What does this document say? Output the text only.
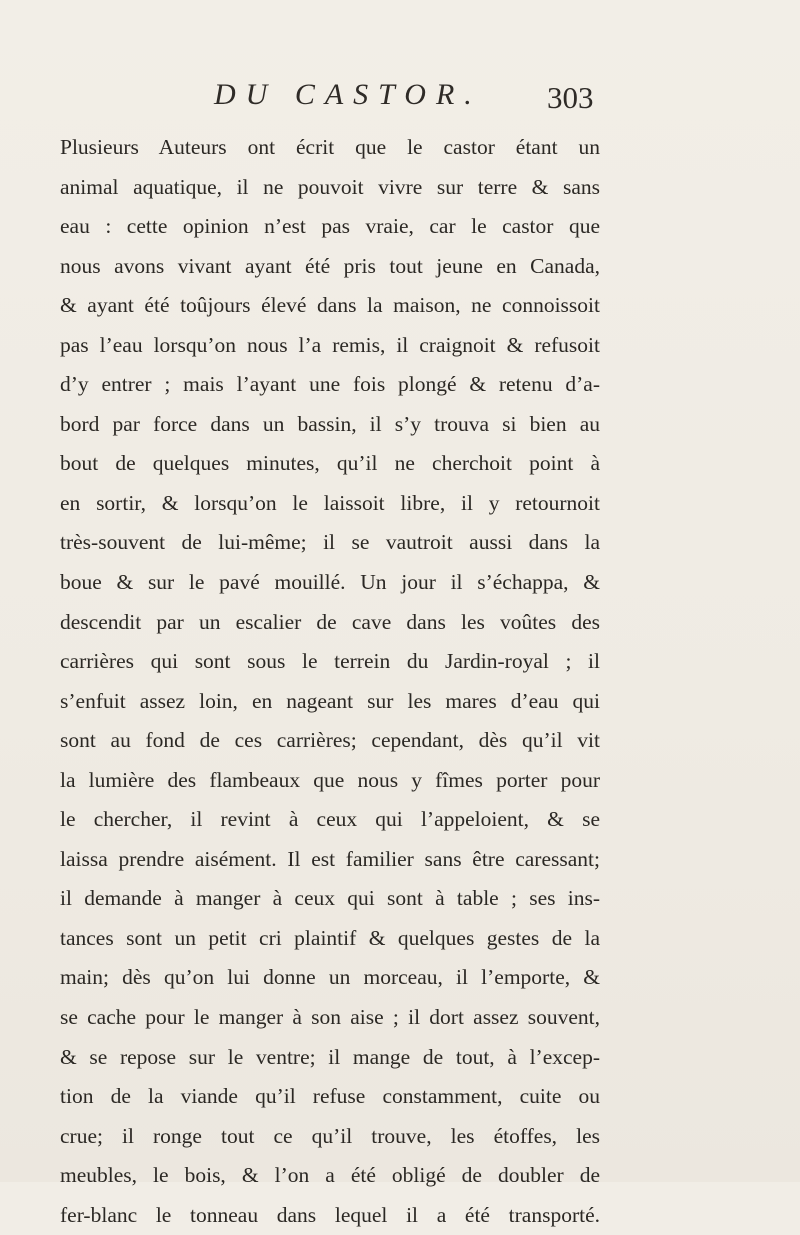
DU CASTOR. 303
Plusieurs Auteurs ont écrit que le castor étant un
animal aquatique, il ne pouvoit vivre sur terre & sans
eau : cette opinion n’est pas vraie, car le castor que
nous avons vivant ayant été pris tout jeune en Canada,
& ayant été toûjours élevé dans la maison, ne connoissoit
pas l’eau lorsqu’on nous l’a remis, il craignoit & refusoit
d’y entrer ; mais l’ayant une fois plongé & retenu d’a-
bord par force dans un bassin, il s’y trouva si bien au
bout de quelques minutes, qu’il ne cherchoit point à
en sortir, & lorsqu’on le laissoit libre, il y retournoit
très-souvent de lui-même; il se vautroit aussi dans la
boue & sur le pavé mouillé. Un jour il s’échappa, &
descendit par un escalier de cave dans les voûtes des
carrières qui sont sous le terrein du Jardin-royal ; il
s’enfuit assez loin, en nageant sur les mares d’eau qui
sont au fond de ces carrières; cependant, dès qu’il vit
la lumière des flambeaux que nous y fîmes porter pour
le chercher, il revint à ceux qui l’appeloient, & se
laissa prendre aisément. Il est familier sans être caressant;
il demande à manger à ceux qui sont à table ; ses ins-
tances sont un petit cri plaintif & quelques gestes de la
main; dès qu’on lui donne un morceau, il l’emporte, &
se cache pour le manger à son aise ; il dort assez souvent,
& se repose sur le ventre; il mange de tout, à l’excep-
tion de la viande qu’il refuse constamment, cuite ou
crue; il ronge tout ce qu’il trouve, les étoffes, les
meubles, le bois, & l’on a été obligé de doubler de
fer-blanc le tonneau dans lequel il a été transporté.
